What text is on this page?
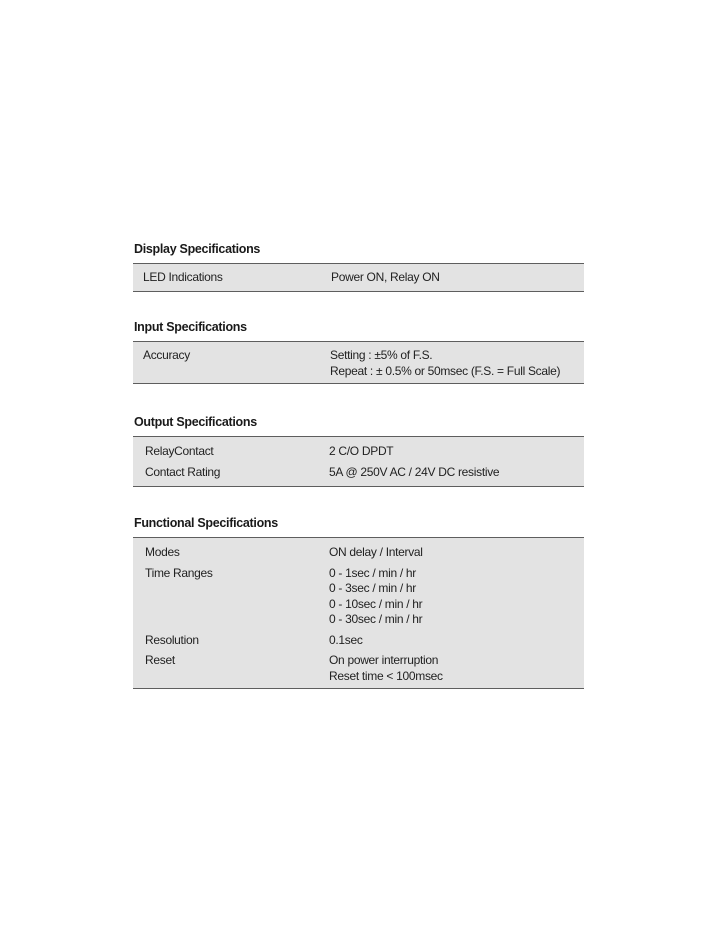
Display Specifications
LED Indications	Power ON, Relay ON
Input Specifications
Accuracy	Setting : ±5% of F.S.
Repeat : ± 0.5% or 50msec (F.S. = Full Scale)
Output Specifications
RelayContact	2 C/O DPDT
Contact Rating	5A @ 250V AC / 24V DC resistive
Functional Specifications
Modes	ON delay / Interval
Time Ranges	0 - 1sec / min / hr
0 - 3sec / min / hr
0 - 10sec / min / hr
0 - 30sec / min / hr
Resolution	0.1sec
Reset	On power interruption
Reset time < 100msec
